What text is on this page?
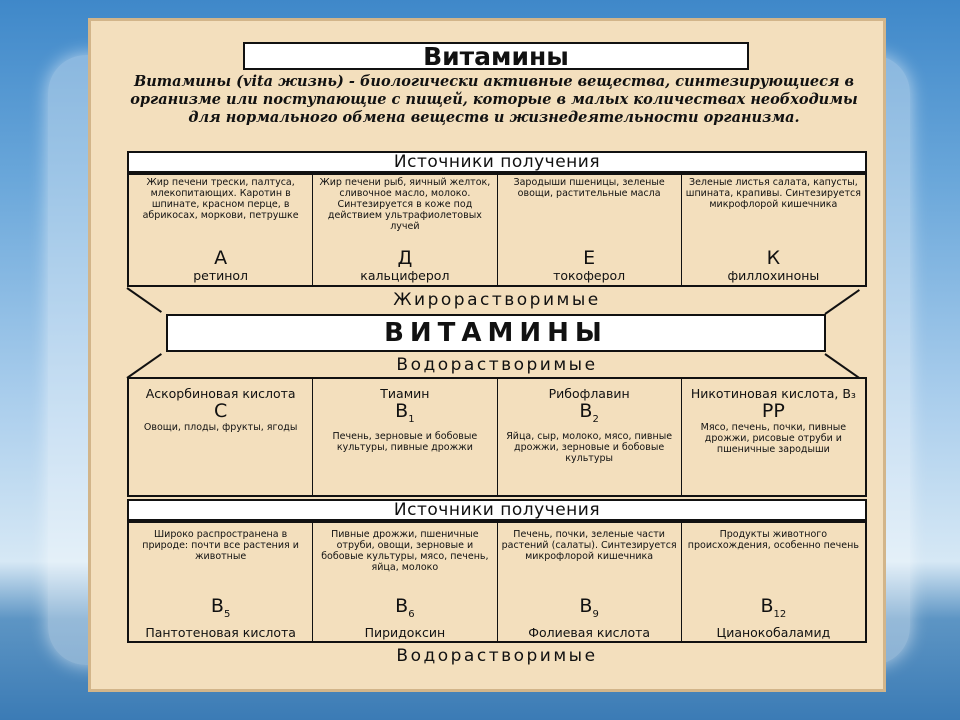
Витамины
Витамины (vita жизнь) - биологически активные вещества, синтезирующиеся в организме или поступающие с пищей, которые в малых количествах необходимы для нормального обмена веществ и жизнедеятельности организма.
Источники получения
Жир печени трески, палтуса, млекопитающих. Каротин в шпинате, красном перце, в абрикосах, моркови, петрушке
А
ретинол
Жир печени рыб, яичный желток, сливочное масло, молоко. Синтезируется в коже под действием ультрафиолетовых лучей
Д
кальциферол
Зародыши пшеницы, зеленые овощи, растительные масла
Е
токоферол
Зеленые листья салата, капусты, шпината, крапивы. Синтезируется микрофлорой кишечника
К
филлохиноны
Жирорастворимые
ВИТАМИНЫ
Водорастворимые
Аскорбиновая кислота
С
Овощи, плоды, фрукты, ягоды
Тиамин
$В_1$
Печень, зерновые и бобовые культуры, пивные дрожжи
Рибофлавин
$В_2$
Яйца, сыр, молоко, мясо, пивные дрожжи, зерновые и бобовые культуры
Никотиновая кислота, В₃
РР
Мясо, печень, почки, пивные дрожжи, рисовые отруби и пшеничные зародыши
Источники получения
Широко распространена в природе: почти все растения и животные
$В_5$
Пантотеновая кислота
Пивные дрожжи, пшеничные отруби, овощи, зерновые и бобовые культуры, мясо, печень, яйца, молоко
$В_6$
Пиридоксин
Печень, почки, зеленые части растений (салаты). Синтезируется микрофлорой кишечника
$В_9$
Фолиевая кислота
Продукты животного происхождения, особенно печень
$В_{12}$
Цианокобаламид
Водорастворимые
